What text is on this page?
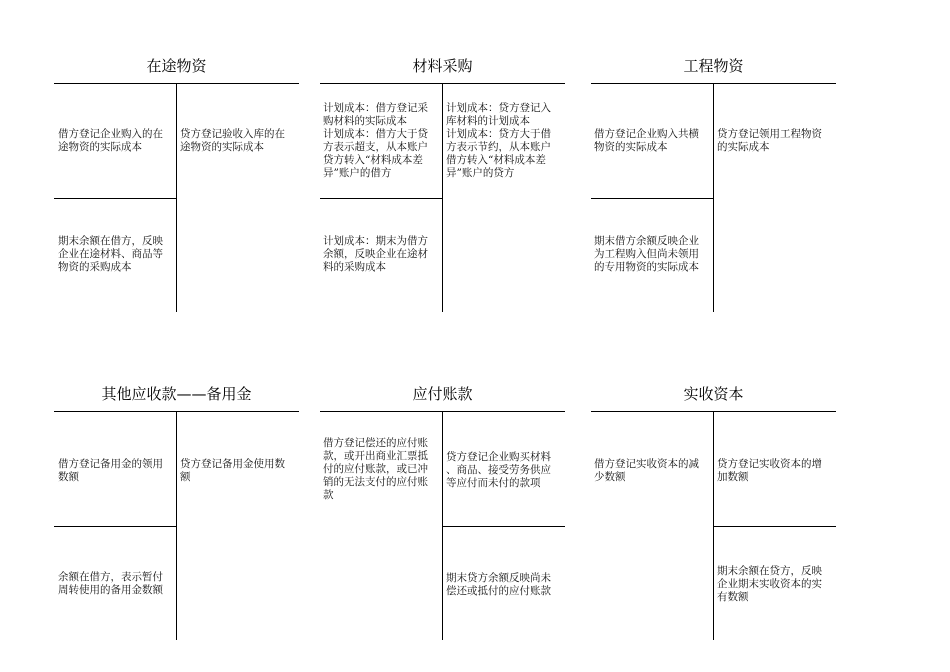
在途物资
借方登记企业购入的在
途物资的实际成本
贷方登记验收入库的在
途物资的实际成本
期末余额在借方，反映
企业在途材料、商品等
物资的采购成本
材料采购
计划成本：借方登记采
购材料的实际成本
计划成本：借方大于贷
方表示超支，从本账户
贷方转入“材料成本差
异”账户的借方
计划成本：贷方登记入
库材料的计划成本
计划成本：贷方大于借
方表示节约，从本账户
借方转入“材料成本差
异”账户的贷方
计划成本：期末为借方
余额，反映企业在途材
料的采购成本
工程物资
借方登记企业购入共横
物资的实际成本
贷方登记领用工程物资
的实际成本
期末借方余额反映企业
为工程购入但尚未领用
的专用物资的实际成本
其他应收款——备用金
借方登记备用金的领用
数额
贷方登记备用金使用数
额
余额在借方，表示暂付
周转使用的备用金数额
应付账款
借方登记偿还的应付账
款，或开出商业汇票抵
付的应付账款，或已冲
销的无法支付的应付账
款
贷方登记企业购买材料
、商品、接受劳务供应
等应付而未付的款项
期末贷方余额反映尚未
偿还或抵付的应付账款
实收资本
借方登记实收资本的减
少数额
贷方登记实收资本的增
加数额
期末余额在贷方，反映
企业期末实收资本的实
有数额
